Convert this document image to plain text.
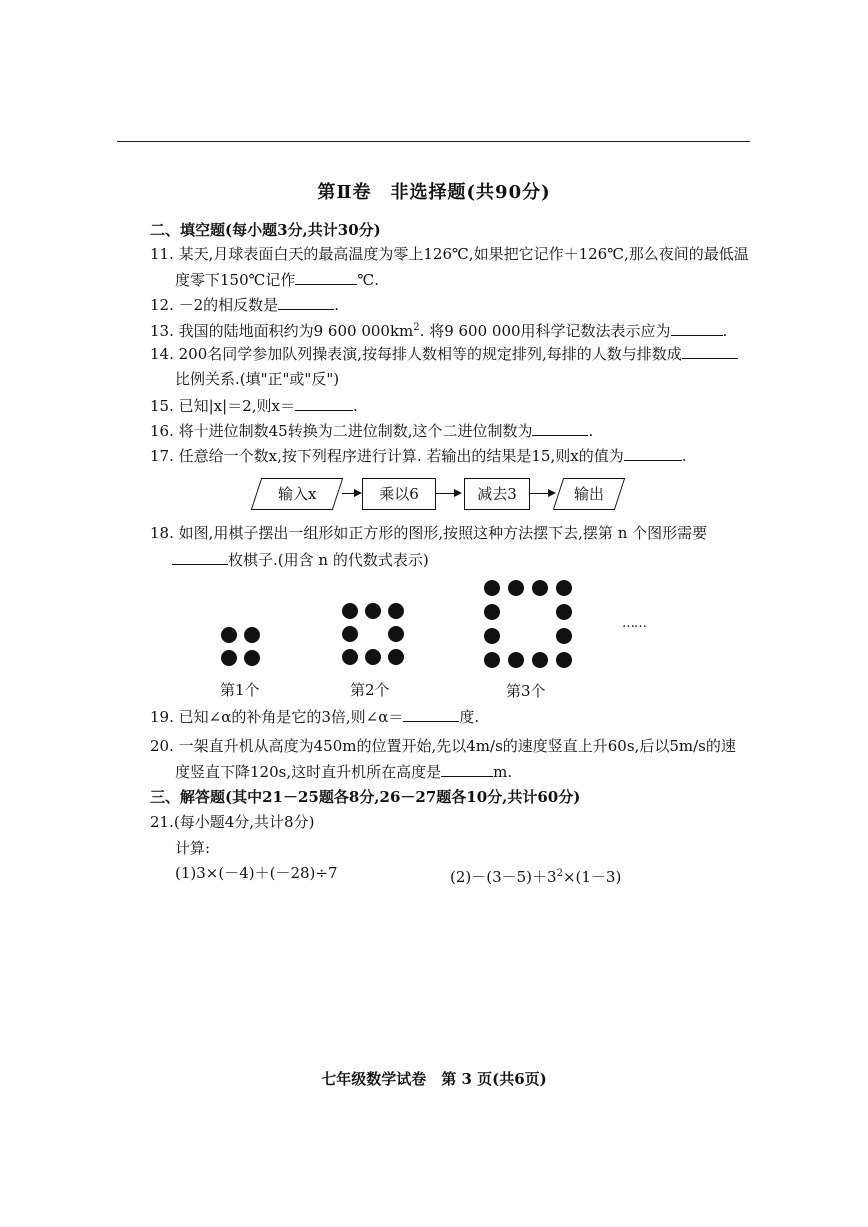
第Ⅱ卷　非选择题(共90分)
二、填空题(每小题3分,共计30分)
11. 某天,月球表面白天的最高温度为零上126℃,如果把它记作＋126℃,那么夜间的最低温
度零下150℃记作	℃.
12. －2的相反数是	.
13. 我国的陆地面积约为9 600 $000km^2$. 将9 600 000用科学记数法表示应为	.
14. 200名同学参加队列操表演,按每排人数相等的规定排列,每排的人数与排数成
比例关系.(填"正"或"反")
15. 已知|x|＝2,则x＝	.
16. 将十进位制数45转换为二进位制数,这个二进位制数为	.
17. 任意给一个数x,按下列程序进行计算. 若输出的结果是15,则x的值为	.
输入x	乘以6	减去3	输出
18. 如图,用棋子摆出一组形如正方形的图形,按照这种方法摆下去,摆第 n 个图形需要
枚棋子.(用含 n 的代数式表示)
第1个	第2个	第3个
……
19. 已知∠α的补角是它的3倍,则∠α＝	度.
20. 一架直升机从高度为450m的位置开始,先以4m/s的速度竖直上升60s,后以5m/s的速
度竖直下降120s,这时直升机所在高度是	m.
三、解答题(其中21－25题各8分,26－27题各10分,共计60分)
21.(每小题4分,共计8分)
计算:
(1)3×(－4)＋(－28)÷7	$(2)-(3-5)+3^2\times(1-3)$
七年级数学试卷　第 3 页(共6页)
